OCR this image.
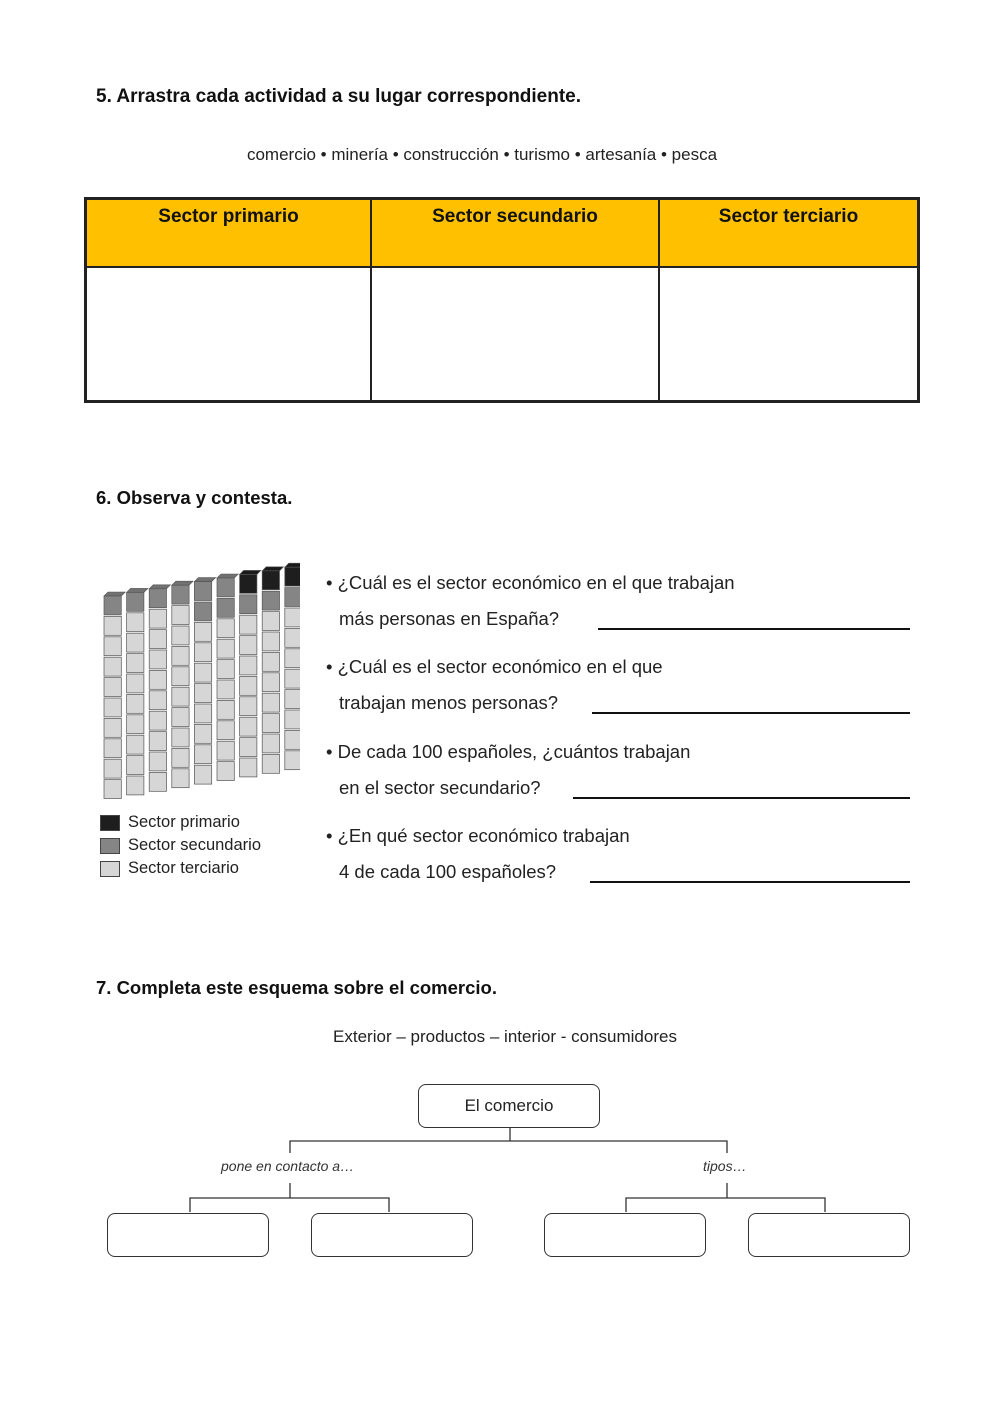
5. Arrastra cada actividad a su lugar correspondiente.
comercio • minería • construcción • turismo • artesanía • pesca
Sector primario	Sector secundario	Sector terciario

6. Observa y contesta.
Sector primario
Sector secundario
Sector terciario
• ¿Cuál es el sector económico en el que trabajan
más personas en España?
• ¿Cuál es el sector económico en el que
trabajan menos personas?
• De cada 100 españoles, ¿cuántos trabajan
en el sector secundario?
• ¿En qué sector económico trabajan
4 de cada 100 españoles?
7. Completa este esquema sobre el comercio.
Exterior – productos – interior - consumidores
El comercio
pone en contacto a…	tipos…
